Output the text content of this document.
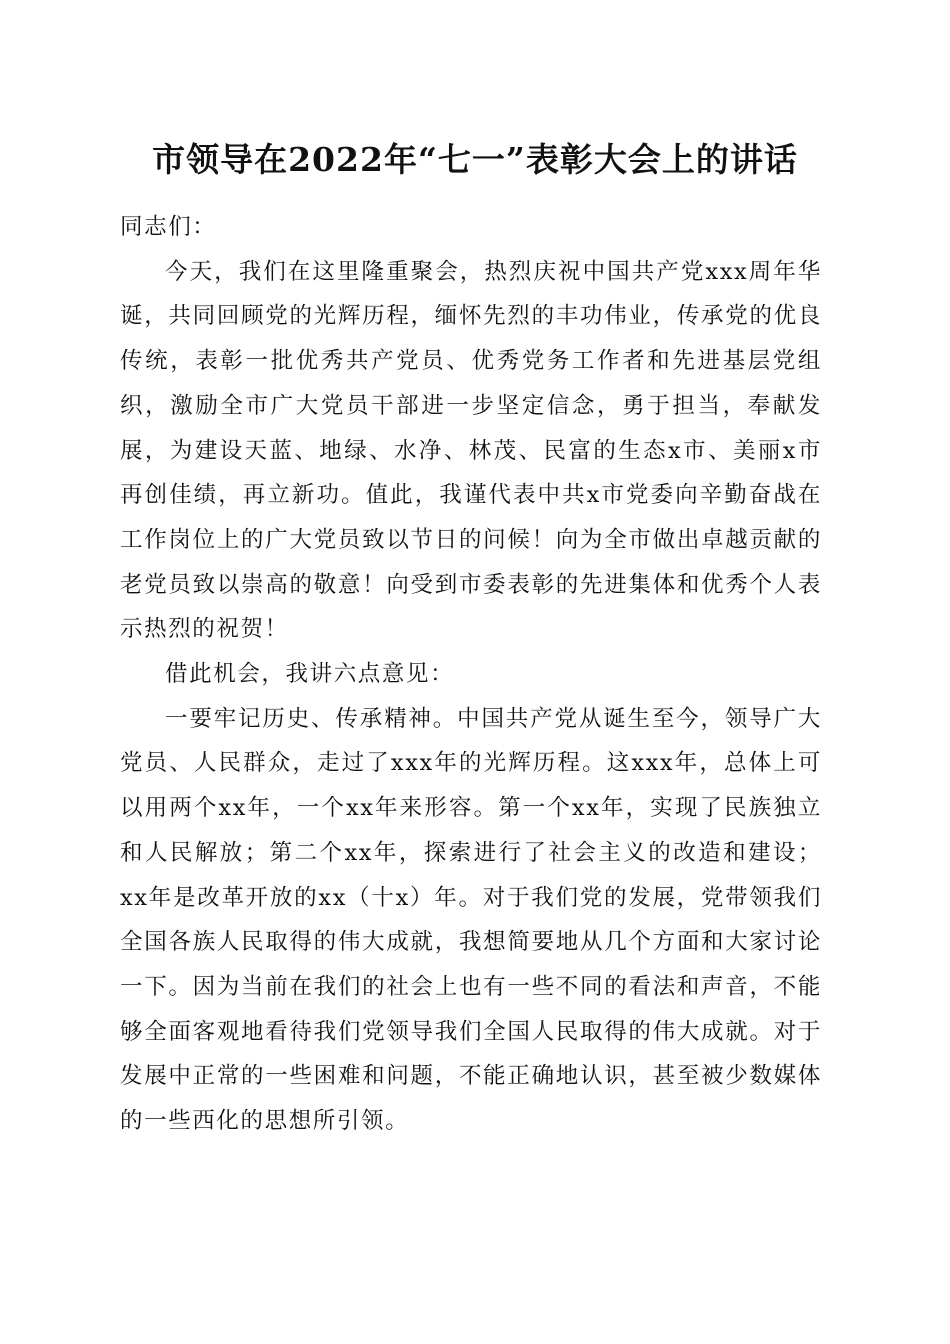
市领导在2022年“七一”表彰大会上的讲话

同志们：

今天，我们在这里隆重聚会，热烈庆祝中国共产党xxx周年华诞，共同回顾党的光辉历程，缅怀先烈的丰功伟业，传承党的优良传统，表彰一批优秀共产党员、优秀党务工作者和先进基层党组织，激励全市广大党员干部进一步坚定信念，勇于担当，奉献发展，为建设天蓝、地绿、水净、林茂、民富的生态x市、美丽x市再创佳绩，再立新功。值此，我谨代表中共x市党委向辛勤奋战在工作岗位上的广大党员致以节日的问候！向为全市做出卓越贡献的老党员致以崇高的敬意！向受到市委表彰的先进集体和优秀个人表示热烈的祝贺！

借此机会，我讲六点意见：

一要牢记历史、传承精神。中国共产党从诞生至今，领导广大党员、人民群众，走过了xxx年的光辉历程。这xxx年，总体上可以用两个xx年，一个xx年来形容。第一个xx年，实现了民族独立和人民解放；第二个xx年，探索进行了社会主义的改造和建设；xx年是改革开放的xx（十x）年。对于我们党的发展，党带领我们全国各族人民取得的伟大成就，我想简要地从几个方面和大家讨论一下。因为当前在我们的社会上也有一些不同的看法和声音，不能够全面客观地看待我们党领导我们全国人民取得的伟大成就。对于发展中正常的一些困难和问题，不能正确地认识，甚至被少数媒体的一些西化的思想所引领。
